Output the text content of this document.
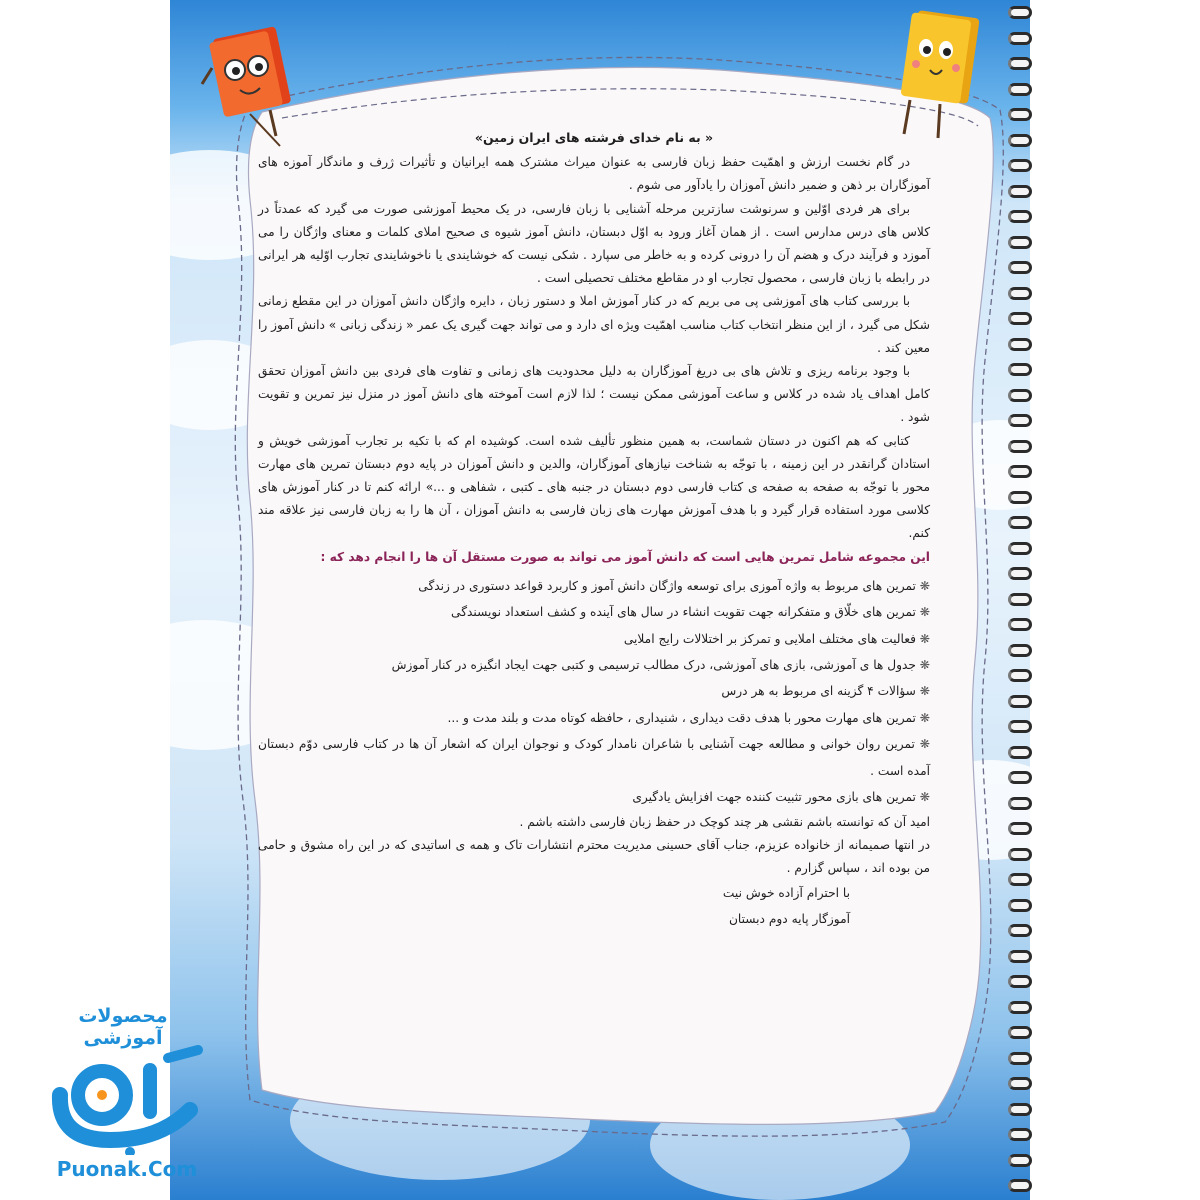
« به نام خدای فرشته های ایران زمین»

در گام نخست ارزش و اهمّیت حفظ زبان فارسی به عنوان میراث مشترک همه ایرانیان و تأثیرات ژرف و ماندگار آموزه های آموزگاران بر ذهن و ضمیر دانش آموزان را یادآور می شوم .

برای هر فردی اوّلین و سرنوشت سازترین مرحله آشنایی با زبان فارسی، در یک محیط آموزشی صورت می گیرد که عمدتاً در کلاس های درس مدارس است . از همان آغاز ورود به اوّل دبستان، دانش آموز شیوه ی صحیح املای کلمات و معنای واژگان را می آموزد و فرآیند درک و هضم آن را درونی کرده و به خاطر می سپارد . شکی نیست که خوشایندی یا ناخوشایندی تجارب اوّلیه هر ایرانی در رابطه با زبان فارسی ، محصول تجارب او در مقاطع مختلف تحصیلی است .

با بررسی کتاب های آموزشی پی می بریم که در کنار آموزش املا و دستور زبان ، دایره واژگان دانش آموزان در این مقطع زمانی شکل می گیرد ، از این منظر انتخاب کتاب مناسب اهمّیت ویژه ای دارد و می تواند جهت گیری یک عمر « زندگی زبانی » دانش آموز را معین کند .

با وجود برنامه ریزی و تلاش های بی دریغ آموزگاران به دلیل محدودیت های زمانی و تفاوت های فردی بین دانش آموزان تحقق کامل اهداف یاد شده در کلاس و ساعت آموزشی ممکن نیست ؛ لذا لازم است آموخته های دانش آموز در منزل نیز تمرین و تقویت شود .

کتابی که هم اکنون در دستان شماست، به همین منظور تألیف شده است. کوشیده ام که با تکیه بر تجارب آموزشی خویش و استادان گرانقدر در این زمینه ، با توجّه به شناخت نیازهای آموزگاران، والدین و دانش آموزان در پایه دوم دبستان تمرین های مهارت محور با توجّه به صفحه به صفحه ی کتاب فارسی دوم دبستان در جنبه های ـ کتبی ، شفاهی و ...» ارائه کنم تا در کنار آموزش های کلاسی مورد استفاده قرار گیرد و با هدف آموزش مهارت های زبان فارسی به دانش آموزان ، آن ها را به زبان فارسی نیز علاقه مند کنم.

این مجموعه شامل تمرین هایی است که دانش آموز می تواند به صورت مستقل آن ها را انجام دهد که :

❋ تمرین های مربوط به واژه آموزی برای توسعه واژگان دانش آموز و کاربرد قواعد دستوری در زندگی

❋ تمرین های خلّاق و متفکرانه جهت تقویت انشاء در سال های آینده و کشف استعداد نویسندگی

❋ فعالیت های مختلف املایی و تمرکز بر اختلالات رایج املایی

❋ جدول ها ی آموزشی، بازی های آموزشی، درک مطالب ترسیمی و کتبی جهت ایجاد انگیزه در کنار آموزش

❋ سؤالات ۴ گزینه ای مربوط به هر درس

❋ تمرین های مهارت محور با هدف دقت دیداری ، شنیداری ، حافظه کوتاه مدت و بلند مدت و ...

❋ تمرین روان خوانی و مطالعه جهت آشنایی با شاعران نامدار کودک و نوجوان ایران که اشعار آن ها در کتاب فارسی دوّم دبستان آمده است .

❋ تمرین های بازی محور تثبیت کننده جهت افزایش یادگیری

امید آن که توانسته باشم نقشی هر چند کوچک در حفظ زبان فارسی داشته باشم .

در انتها صمیمانه از خانواده عزیزم، جناب آقای حسینی مدیریت محترم انتشارات تاک و همه ی اساتیدی که در این راه مشوق و حامی من بوده اند ، سپاس گزارم .

با احترام آزاده خوش نیت

آموزگار پایه دوم دبستان

محصولات آموزشی
Puonak.Com
